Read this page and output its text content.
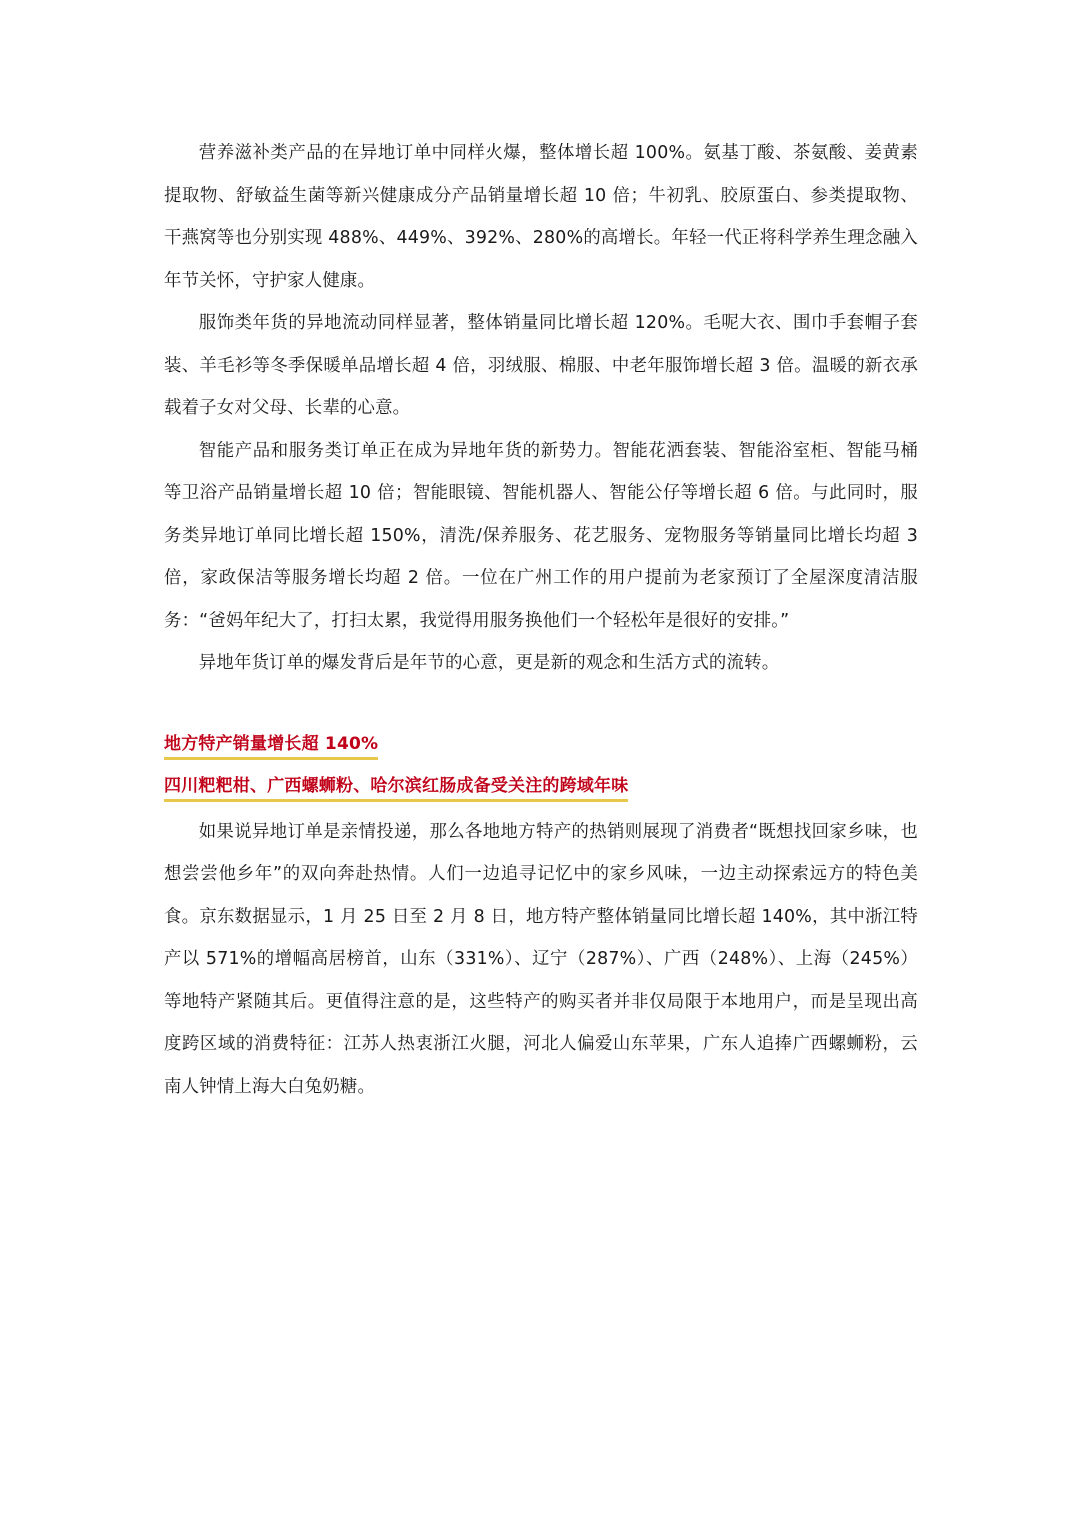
营养滋补类产品的在异地订单中同样火爆，整体增长超 100%。氨基丁酸、茶氨酸、姜黄素提取物、舒敏益生菌等新兴健康成分产品销量增长超 10 倍；牛初乳、胶原蛋白、参类提取物、干燕窝等也分别实现 488%、449%、392%、280%的高增长。年轻一代正将科学养生理念融入年节关怀，守护家人健康。

服饰类年货的异地流动同样显著，整体销量同比增长超 120%。毛呢大衣、围巾手套帽子套装、羊毛衫等冬季保暖单品增长超 4 倍，羽绒服、棉服、中老年服饰增长超 3 倍。温暖的新衣承载着子女对父母、长辈的心意。

智能产品和服务类订单正在成为异地年货的新势力。智能花洒套装、智能浴室柜、智能马桶等卫浴产品销量增长超 10 倍；智能眼镜、智能机器人、智能公仔等增长超 6 倍。与此同时，服务类异地订单同比增长超 150%，清洗/保养服务、花艺服务、宠物服务等销量同比增长均超 3 倍，家政保洁等服务增长均超 2 倍。一位在广州工作的用户提前为老家预订了全屋深度清洁服务：“爸妈年纪大了，打扫太累，我觉得用服务换他们一个轻松年是很好的安排。”

异地年货订单的爆发背后是年节的心意，更是新的观念和生活方式的流转。

地方特产销量增长超 140%
四川粑粑柑、广西螺蛳粉、哈尔滨红肠成备受关注的跨域年味

如果说异地订单是亲情投递，那么各地地方特产的热销则展现了消费者“既想找回家乡味，也想尝尝他乡年”的双向奔赴热情。人们一边追寻记忆中的家乡风味，一边主动探索远方的特色美食。京东数据显示，1 月 25 日至 2 月 8 日，地方特产整体销量同比增长超 140%，其中浙江特产以 571%的增幅高居榜首，山东（331%）、辽宁（287%）、广西（248%）、上海（245%）等地特产紧随其后。更值得注意的是，这些特产的购买者并非仅局限于本地用户，而是呈现出高度跨区域的消费特征：江苏人热衷浙江火腿，河北人偏爱山东苹果，广东人追捧广西螺蛳粉，云南人钟情上海大白兔奶糖。
